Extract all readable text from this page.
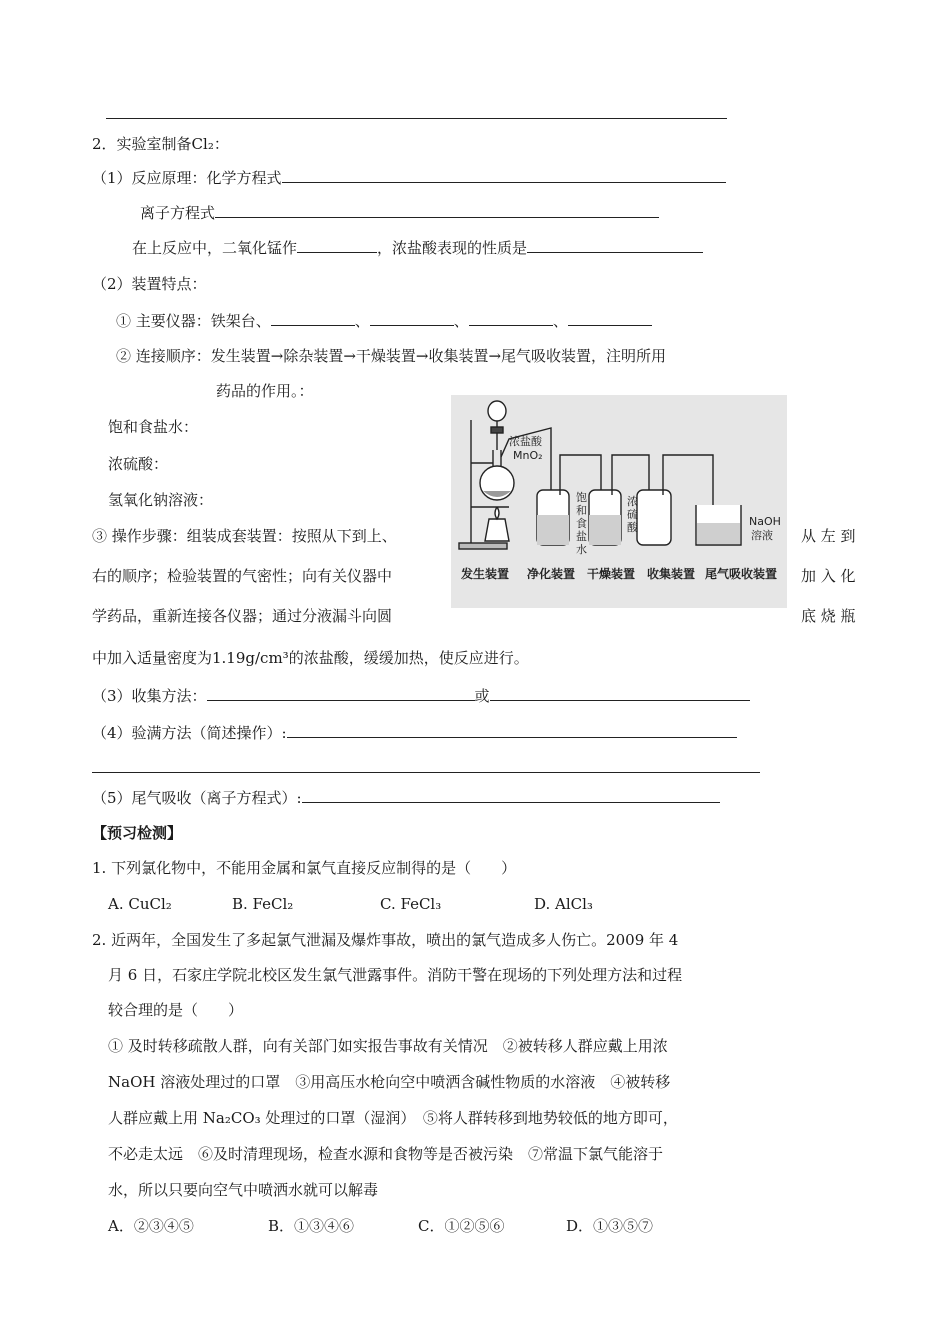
2．实验室制备Cl₂：
（1）反应原理：化学方程式
离子方程式
在上反应中，二氧化锰作	，浓盐酸表现的性质是
（2）装置特点：
① 主要仪器：铁架台、	、	、	、
② 连接顺序：发生装置→除杂装置→干燥装置→收集装置→尾气吸收装置，注明所用
药品的作用。：
饱和食盐水：
浓硫酸：
氢氧化钠溶液：
③ 操作步骤：组装成套装置：按照从下到上、	从 左 到
右的顺序；检验装置的气密性；向有关仪器中	加 入 化
学药品，重新连接各仪器；通过分液漏斗向圆	底 烧 瓶
中加入适量密度为1.19g/cm³的浓盐酸，缓缓加热，使反应进行。
浓盐酸
MnO₂
饱
和
食
盐
水
浓
硫
酸	NaOH
溶液
发生装置 净化装置 干燥装置 收集装置 尾气吸收装置
（3）收集方法：	或
（4）验满方法（简述操作）:
（5）尾气吸收（离子方程式）:
【预习检测】
1. 下列氯化物中，不能用金属和氯气直接反应制得的是（　　）
A. CuCl₂	B. FeCl₂	C. FeCl₃	D. AlCl₃
2. 近两年，全国发生了多起氯气泄漏及爆炸事故，喷出的氯气造成多人伤亡。2009 年 4
月 6 日，石家庄学院北校区发生氯气泄露事件。消防干警在现场的下列处理方法和过程
较合理的是（　　）
① 及时转移疏散人群，向有关部门如实报告事故有关情况　②被转移人群应戴上用浓
NaOH 溶液处理过的口罩　③用高压水枪向空中喷洒含碱性物质的水溶液　④被转移
人群应戴上用 Na₂CO₃ 处理过的口罩（湿润）　⑤将人群转移到地势较低的地方即可，
不必走太远　⑥及时清理现场，检查水源和食物等是否被污染　⑦常温下氯气能溶于
水，所以只要向空气中喷洒水就可以解毒
A．②③④⑤	B．①③④⑥	C．①②⑤⑥	D．①③⑤⑦
